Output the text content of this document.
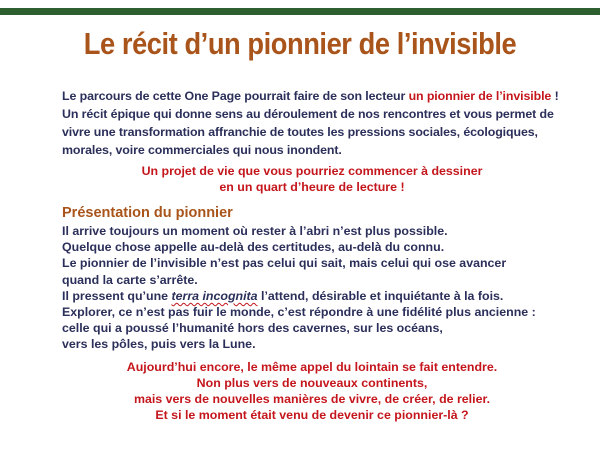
Le récit d’un pionnier de l’invisible

Le parcours de cette One Page pourrait faire de son lecteur un pionnier de l’invisible ! Un récit épique qui donne sens au déroulement de nos rencontres et vous permet de vivre une transformation affranchie de toutes les pressions sociales, écologiques, morales, voire commerciales qui nous inondent.

Un projet de vie que vous pourriez commencer à dessiner
en un quart d’heure de lecture !

Présentation du pionnier

Il arrive toujours un moment où rester à l’abri n’est plus possible.
Quelque chose appelle au-delà des certitudes, au-delà du connu.
Le pionnier de l’invisible n’est pas celui qui sait, mais celui qui ose avancer
quand la carte s’arrête.
Il pressent qu’une terra incognita l’attend, désirable et inquiétante à la fois.
Explorer, ce n’est pas fuir le monde, c’est répondre à une fidélité plus ancienne :
celle qui a poussé l’humanité hors des cavernes, sur les océans,
vers les pôles, puis vers la Lune.

Aujourd’hui encore, le même appel du lointain se fait entendre.
Non plus vers de nouveaux continents,
mais vers de nouvelles manières de vivre, de créer, de relier.
Et si le moment était venu de devenir ce pionnier-là ?
